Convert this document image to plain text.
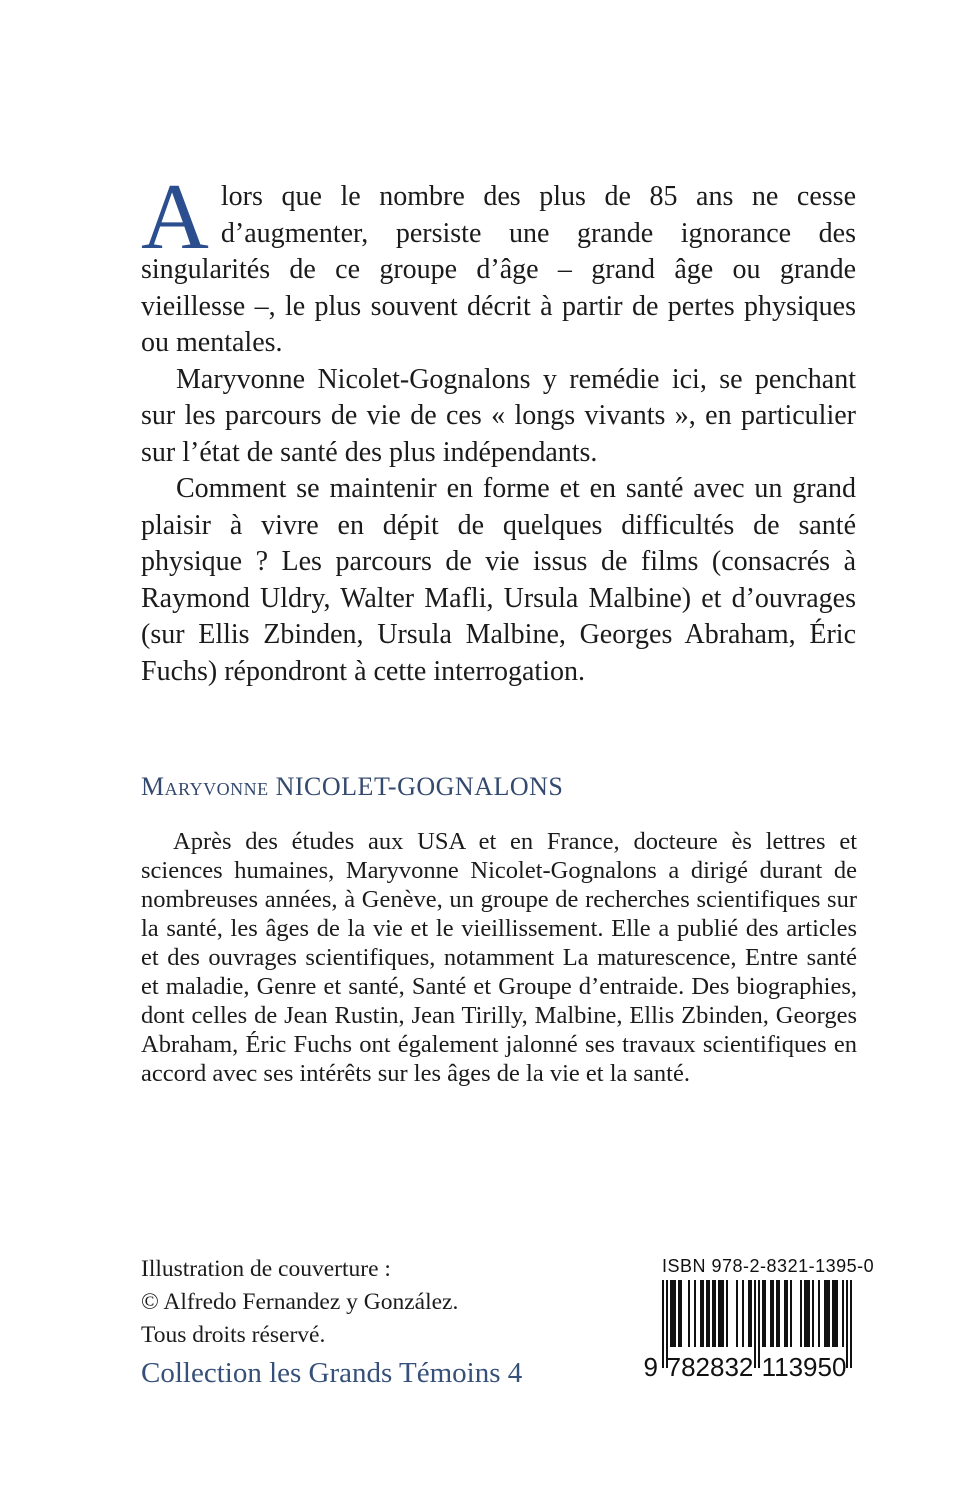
Alors que le nombre des plus de 85 ans ne cesse d’augmenter, persiste une grande ignorance des singularités de ce groupe d’âge – grand âge ou grande vieillesse –, le plus souvent décrit à partir de pertes physiques ou mentales.

Maryvonne Nicolet-Gognalons y remédie ici, se penchant sur les parcours de vie de ces « longs vivants », en particulier sur l’état de santé des plus indépendants.

Comment se maintenir en forme et en santé avec un grand plaisir à vivre en dépit de quelques difficultés de santé physique ? Les parcours de vie issus de films (consacrés à Raymond Uldry, Walter Mafli, Ursula Malbine) et d’ouvrages (sur Ellis Zbinden, Ursula Malbine, Georges Abraham, Éric Fuchs) répondront à cette interrogation.

Maryvonne NICOLET-GOGNALONS

Après des études aux USA et en France, docteure ès lettres et sciences humaines, Maryvonne Nicolet-Gognalons a dirigé durant de nombreuses années, à Genève, un groupe de recherches scientifiques sur la santé, les âges de la vie et le vieillissement. Elle a publié des articles et des ouvrages scientifiques, notamment La maturescence, Entre santé et maladie, Genre et santé, Santé et Groupe d’entraide. Des biographies, dont celles de Jean Rustin, Jean Tirilly, Malbine, Ellis Zbinden, Georges Abraham, Éric Fuchs ont également jalonné ses travaux scientifiques en accord avec ses intérêts sur les âges de la vie et la santé.

Illustration de couverture :
© Alfredo Fernandez y González.
Tous droits réservé.
Collection les Grands Témoins 4
ISBN 978-2-8321-1395-0
9 782832 113950
